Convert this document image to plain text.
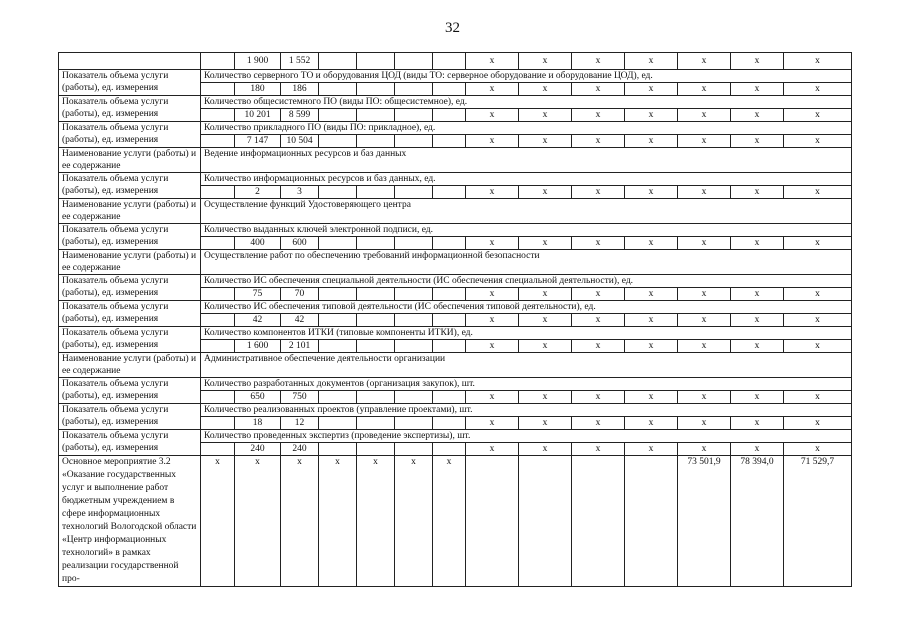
32
		1 900	1 552					x	x	x	x	x	x	x
Показатель объема услуги (работы), ед. измерения	Количество серверного ТО и оборудования ЦОД (виды ТО: серверное оборудование и оборудование ЦОД), ед.													
		180	186					x	x	x	x	x	x	x
Показатель объема услуги (работы), ед. измерения	Количество общесистемного ПО (виды ПО: общесистемное), ед.													
		10 201	8 599					x	x	x	x	x	x	x
Показатель объема услуги (работы), ед. измерения	Количество прикладного ПО (виды ПО: прикладное), ед.													
		7 147	10 504					x	x	x	x	x	x	x
Наименование услуги (работы) и ее содержание	Ведение информационных ресурсов и баз данных													

Показатель объема услуги (работы), ед. измерения	Количество информационных ресурсов и баз данных, ед.													
		2	3					x	x	x	x	x	x	x
Наименование услуги (работы) и ее содержание	Осуществление функций Удостоверяющего центра													

Показатель объема услуги (работы), ед. измерения	Количество выданных ключей электронной подписи, ед.													
		400	600					x	x	x	x	x	x	x
Наименование услуги (работы) и ее содержание	Осуществление работ по обеспечению требований информационной безопасности													

Показатель объема услуги (работы), ед. измерения	Количество ИС обеспечения специальной деятельности (ИС обеспечения специальной деятельности), ед.													
		75	70					x	x	x	x	x	x	x
Показатель объема услуги (работы), ед. измерения	Количество ИС обеспечения типовой деятельности (ИС обеспечения типовой деятельности), ед.													
		42	42					x	x	x	x	x	x	x
Показатель объема услуги (работы), ед. измерения	Количество компонентов ИТКИ (типовые компоненты ИТКИ), ед.													
		1 600	2 101					x	x	x	x	x	x	x
Наименование услуги (работы) и ее содержание	Административное обеспечение деятельности организации													

Показатель объема услуги (работы), ед. измерения	Количество разработанных документов (организация закупок), шт.													
		650	750					x	x	x	x	x	x	x
Показатель объема услуги (работы), ед. измерения	Количество реализованных проектов (управление проектами), шт.													
		18	12					x	x	x	x	x	x	x
Показатель объема услуги (работы), ед. измерения	Количество проведенных экспертиз (проведение экспертизы), шт.													
		240	240					x	x	x	x	x	x	x
Основное мероприятие 3.2 «Оказание государственных услуг и выполнение работ бюджетным учреждением в сфере информационных технологий Вологодской области «Центр информационных технологий» в рамках реализации государственной про-	x	x	x	x	x	x	x					73 501,9	78 394,0	71 529,7
